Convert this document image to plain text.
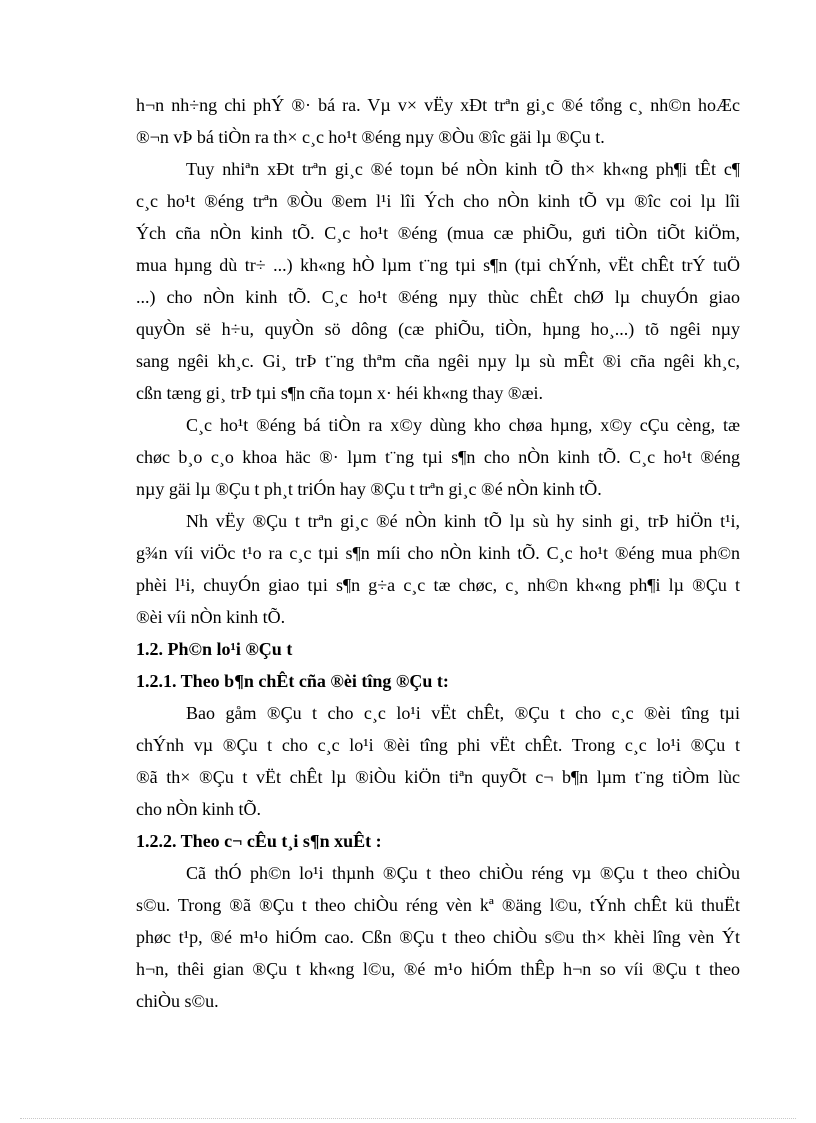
h¬n nh÷ng chi phÝ ®· bá ra. Vµ v× vËy xÐt trªn gi¸c ®é tổng c¸ nh©n hoÆc
®¬n vÞ bá tiÒn ra th× c¸c ho¹t ®éng nµy ®Òu ®îc gäi lµ ®Çu t.
Tuy nhiªn xÐt trªn gi¸c ®é toµn bé nÒn kinh tÕ th× kh«ng ph¶i tÊt c¶
c¸c ho¹t ®éng trªn ®Òu ®em l¹i lîi Ých cho nÒn kinh tÕ vµ ®îc coi lµ lîi
Ých cña nÒn kinh tÕ. C¸c ho¹t ®éng (mua cæ phiÕu, gưi tiÒn tiÕt kiÖm,
mua hµng dù tr÷ ...) kh«ng hÒ lµm t¨ng tµi s¶n (tµi chÝnh, vËt chÊt trÝ tuÖ
...) cho nÒn kinh tÕ. C¸c ho¹t ®éng nµy thùc chÊt chØ lµ chuyÓn giao
quyÒn së h÷u, quyÒn sö dông (cæ phiÕu, tiÒn, hµng ho¸...) tõ ngêi nµy
sang ngêi kh¸c. Gi¸ trÞ t¨ng thªm cña ngêi nµy lµ sù mÊt ®i cña ngêi kh¸c,
cßn tæng gi¸ trÞ tµi s¶n cña toµn x· héi kh«ng thay ®æi.
C¸c ho¹t ®éng bá tiÒn ra x©y dùng kho chøa hµng, x©y cÇu cèng, tæ
chøc b¸o c¸o khoa häc ®· lµm t¨ng tµi s¶n cho nÒn kinh tÕ. C¸c ho¹t ®éng
nµy gäi lµ ®Çu t ph¸t triÓn hay ®Çu t trªn gi¸c ®é nÒn kinh tÕ.
Nh vËy ®Çu t trªn gi¸c ®é nÒn kinh tÕ lµ sù hy sinh gi¸ trÞ hiÖn t¹i,
g¾n víi viÖc t¹o ra c¸c tµi s¶n míi cho nÒn kinh tÕ. C¸c ho¹t ®éng mua ph©n
phèi l¹i, chuyÓn giao tµi s¶n g÷a c¸c tæ chøc, c¸ nh©n kh«ng ph¶i lµ ®Çu t
®èi víi nÒn kinh tÕ.
1.2. Ph©n lo¹i ®Çu t
1.2.1. Theo b¶n chÊt cña ®èi tîng ®Çu t:
Bao gåm ®Çu t cho c¸c lo¹i vËt chÊt, ®Çu t cho c¸c ®èi tîng tµi
chÝnh vµ ®Çu t cho c¸c lo¹i ®èi tîng phi vËt chÊt. Trong c¸c lo¹i ®Çu t
®ã th× ®Çu t vËt chÊt lµ ®iÒu kiÖn tiªn quyÕt c¬ b¶n lµm t¨ng tiÒm lùc
cho nÒn kinh tÕ.
1.2.2. Theo c¬ cÊu t¸i s¶n xuÊt :
Cã thÓ ph©n lo¹i thµnh ®Çu t theo chiÒu réng vµ ®Çu t theo chiÒu
s©u. Trong ®ã ®Çu t theo chiÒu réng vèn kª ®äng l©u, tÝnh chÊt kü thuËt
phøc t¹p, ®é m¹o hiÓm cao. Cßn ®Çu t theo chiÒu s©u th× khèi lîng vèn Ýt
h¬n, thêi gian ®Çu t kh«ng l©u, ®é m¹o hiÓm thÊp h¬n so víi ®Çu t theo
chiÒu s©u.
